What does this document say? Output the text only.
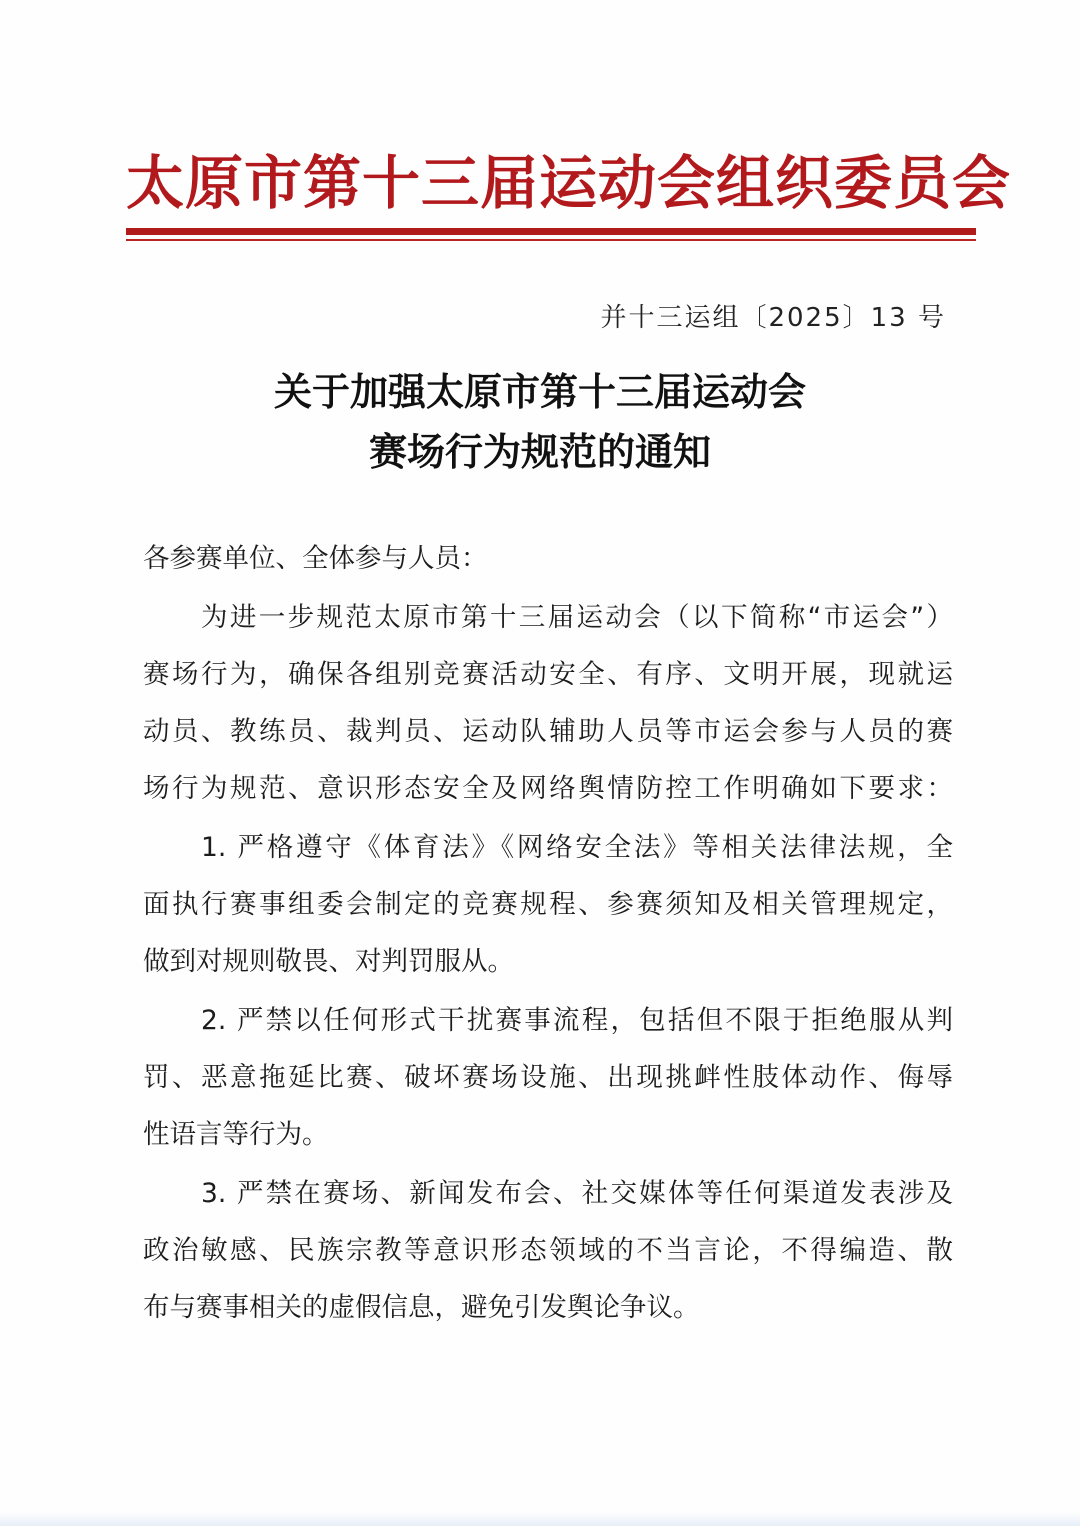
太原市第十三届运动会组织委员会
并十三运组〔2025〕13 号
关于加强太原市第十三届运动会
赛场行为规范的通知
各参赛单位、全体参与人员：
为进一步规范太原市第十三届运动会（以下简称“市运会”）
赛场行为，确保各组别竞赛活动安全、有序、文明开展，现就运
动员、教练员、裁判员、运动队辅助人员等市运会参与人员的赛
场行为规范、意识形态安全及网络舆情防控工作明确如下要求：
1. 严格遵守《体育法》《网络安全法》等相关法律法规，全
面执行赛事组委会制定的竞赛规程、参赛须知及相关管理规定，
做到对规则敬畏、对判罚服从。
2. 严禁以任何形式干扰赛事流程，包括但不限于拒绝服从判
罚、恶意拖延比赛、破坏赛场设施、出现挑衅性肢体动作、侮辱
性语言等行为。
3. 严禁在赛场、新闻发布会、社交媒体等任何渠道发表涉及
政治敏感、民族宗教等意识形态领域的不当言论，不得编造、散
布与赛事相关的虚假信息，避免引发舆论争议。
